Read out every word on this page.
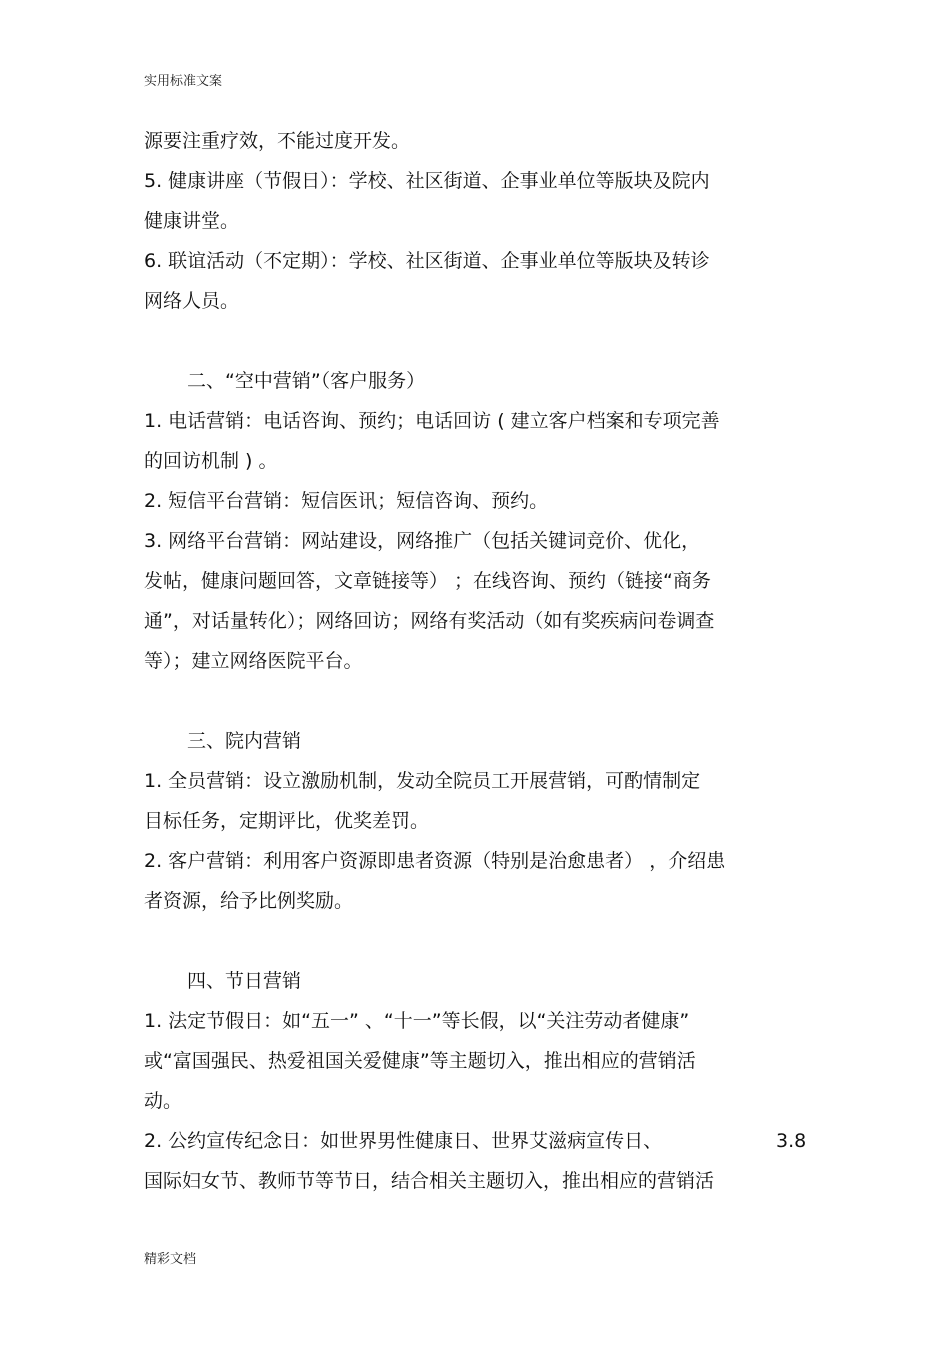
实用标准文案
源要注重疗效，不能过度开发。
5. 健康讲座（节假日）：学校、社区街道、企事业单位等版块及院内
健康讲堂。
6. 联谊活动（不定期）：学校、社区街道、企事业单位等版块及转诊
网络人员。
二、“空中营销”（客户服务）
1. 电话营销：电话咨询、预约；电话回访 ( 建立客户档案和专项完善
的回访机制 ) 。
2. 短信平台营销：短信医讯；短信咨询、预约。
3. 网络平台营销：网站建设，网络推广（包括关键词竞价、优化，
发帖，健康问题回答，文章链接等） ；在线咨询、预约（链接“商务
通”，对话量转化）；网络回访；网络有奖活动（如有奖疾病问卷调查
等）；建立网络医院平台。
三、院内营销
1. 全员营销：设立激励机制，发动全院员工开展营销，可酌情制定
目标任务，定期评比，优奖差罚。
2. 客户营销：利用客户资源即患者资源（特别是治愈患者） ，介绍患
者资源，给予比例奖励。
四、节日营销
1. 法定节假日：如“五一” 、“十一”等长假，以“关注劳动者健康”
或“富国强民、热爱祖国关爱健康”等主题切入，推出相应的营销活
动。
2. 公约宣传纪念日：如世界男性健康日、世界艾滋病宣传日、	3.8
国际妇女节、教师节等节日，结合相关主题切入，推出相应的营销活
精彩文档
